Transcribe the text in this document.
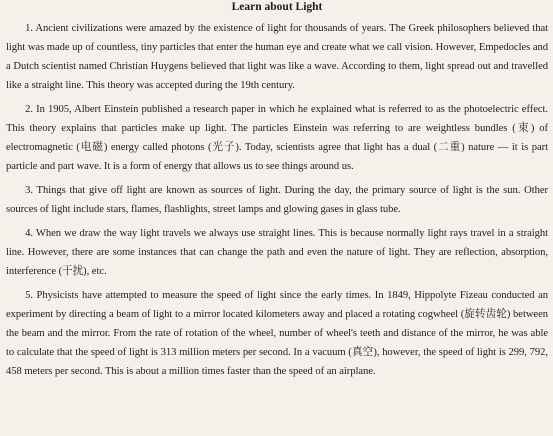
Learn about Light

1. Ancient civilizations were amazed by the existence of light for thousands of years. The Greek philosophers believed that light was made up of countless, tiny particles that enter the human eye and create what we call vision. However, Empedocles and a Dutch scientist named Christian Huygens believed that light was like a wave. According to them, light spread out and travelled like a straight line. This theory was accepted during the 19th century.

2. In 1905, Albert Einstein published a research paper in which he explained what is referred to as the photoelectric effect. This theory explains that particles make up light. The particles Einstein was referring to are weightless bundles (束) of electromagnetic (电磁) energy called photons (光子). Today, scientists agree that light has a dual (二重) nature — it is part particle and part wave. It is a form of energy that allows us to see things around us.

3. Things that give off light are known as sources of light. During the day, the primary source of light is the sun. Other sources of light include stars, flames, flashlights, street lamps and glowing gases in glass tube.

4. When we draw the way light travels we always use straight lines. This is because normally light rays travel in a straight line. However, there are some instances that can change the path and even the nature of light. They are reflection, absorption, interference (干扰), etc.

5. Physicists have attempted to measure the speed of light since the early times. In 1849, Hippolyte Fizeau conducted an experiment by directing a beam of light to a mirror located kilometers away and placed a rotating cogwheel (旋转齿轮) between the beam and the mirror. From the rate of rotation of the wheel, number of wheel's teeth and distance of the mirror, he was able to calculate that the speed of light is 313 million meters per second. In a vacuum (真空), however, the speed of light is 299, 792, 458 meters per second. This is about a million times faster than the speed of an airplane.
